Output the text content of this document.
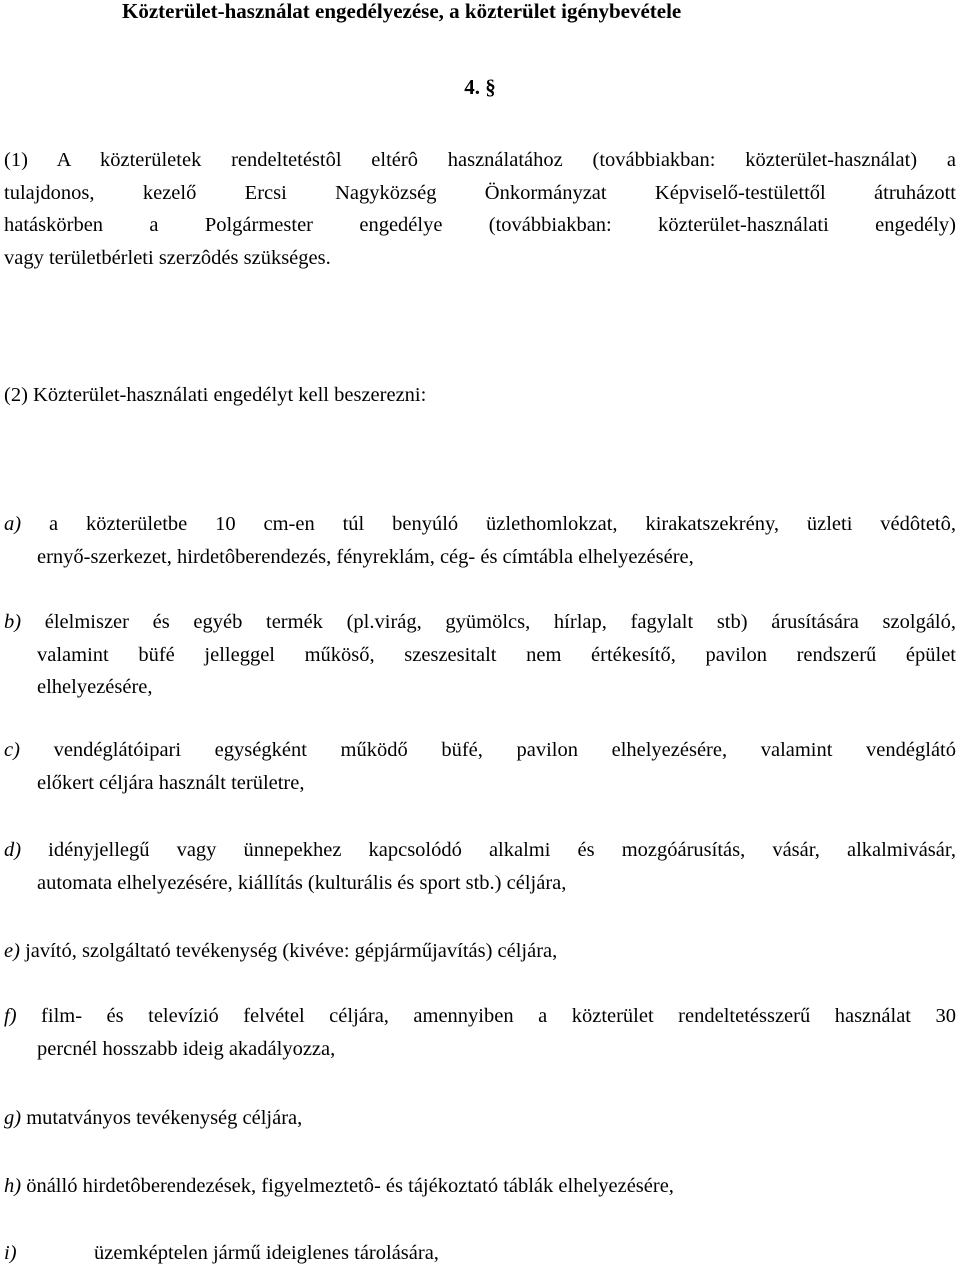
Közterület-használat engedélyezése, a közterület igénybevétele
4. §
(1) A közterületek rendeltetéstôl eltérô használatához (továbbiakban: közterület-használat) a
tulajdonos, kezelő Ercsi Nagyközség Önkormányzat Képviselő-testülettől átruházott
hatáskörben a Polgármester engedélye (továbbiakban: közterület-használati engedély)
vagy területbérleti szerzôdés szükséges.
(2) Közterület-használati engedélyt kell beszerezni:
a) a közterületbe 10 cm-en túl benyúló üzlethomlokzat, kirakatszekrény, üzleti védôtetô,
ernyő-szerkezet, hirdetôberendezés, fényreklám, cég- és címtábla elhelyezésére,
b) élelmiszer és egyéb termék (pl.virág, gyümölcs, hírlap, fagylalt stb) árusítására szolgáló,
valamint büfé jelleggel műköső, szeszesitalt nem értékesítő, pavilon rendszerű épület
elhelyezésére,
c) vendéglátóipari egységként működő büfé, pavilon elhelyezésére, valamint vendéglátó
előkert céljára használt területre,
d) idényjellegű vagy ünnepekhez kapcsolódó alkalmi és mozgóárusítás, vásár, alkalmivásár,
automata elhelyezésére, kiállítás (kulturális és sport stb.) céljára,
e) javító, szolgáltató tevékenység (kivéve: gépjárműjavítás) céljára,
f) film- és televízió felvétel céljára, amennyiben a közterület rendeltetésszerű használat 30
percnél hosszabb ideig akadályozza,
g) mutatványos tevékenység céljára,
h) önálló hirdetôberendezések, figyelmeztetô- és tájékoztató táblák elhelyezésére,
i)	üzemképtelen jármű ideiglenes tárolására,
